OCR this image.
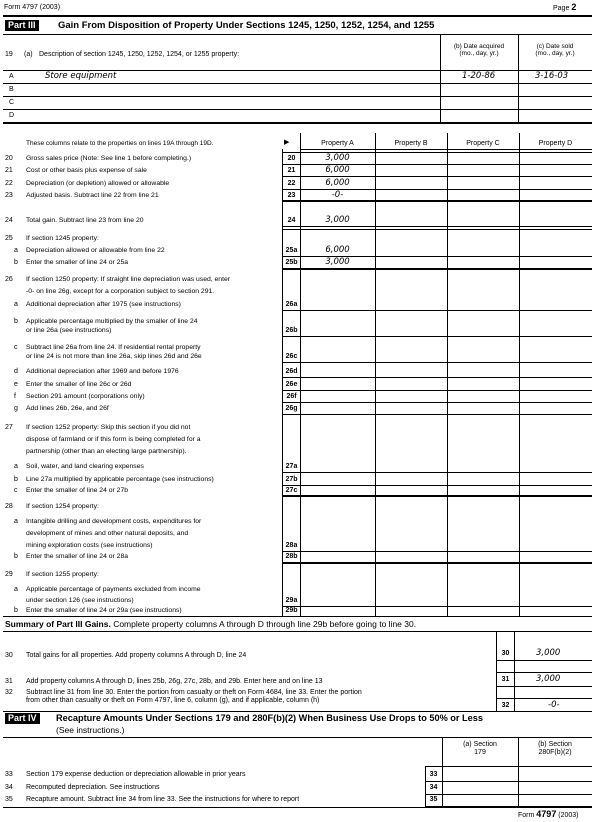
Form 4797 (2003)	Page 2
Part III	Gain From Disposition of Property Under Sections 1245, 1250, 1252, 1254, and 1255
19 (a) Description of section 1245, 1250, 1252, 1254, or 1255 property:
(b) Date acquired
(mo., day, yr.)
(c) Date sold
(mo., day, yr.)
A	Store equipment	1-20-86	3-16-03
B
C
D
These columns relate to the properties on lines 19A through 19D.	▶	Property A	Property B	Property C	Property D
20 Gross sales price (Note: See line 1 before completing.)	20	3,000
21 Cost or other basis plus expense of sale	21	6,000
22 Depreciation (or depletion) allowed or allowable	22	6,000
23 Adjusted basis. Subtract line 22 from line 21	23	-0-
24 Total gain. Subtract line 23 from line 20	24	3,000
25 If section 1245 property:
a Depreciation allowed or allowable from line 22	25a	6,000
b Enter the smaller of line 24 or 25a	25b	3,000
26 If section 1250 property: If straight line depreciation was used, enter
-0- on line 26g, except for a corporation subject to section 291.
a Additional depreciation after 1975 (see instructions)	26a
b Applicable percentage multiplied by the smaller of line 24
or line 26a (see instructions)	26b
c Subtract line 26a from line 24. If residential rental property
or line 24 is not more than line 26a, skip lines 26d and 26e	26c
d Additional depreciation after 1969 and before 1976	26d
e Enter the smaller of line 26c or 26d	26e
f Section 291 amount (corporations only)	26f
g Add lines 26b, 26e, and 26f	26g
27 If section 1252 property: Skip this section if you did not
dispose of farmland or if this form is being completed for a
partnership (other than an electing large partnership).
a Soil, water, and land clearing expenses	27a
b Line 27a multiplied by applicable percentage (see instructions)	27b
c Enter the smaller of line 24 or 27b	27c
28 If section 1254 property:
a Intangible drilling and development costs, expenditures for
development of mines and other natural deposits, and
mining exploration costs (see instructions)	28a
b Enter the smaller of line 24 or 28a	28b
29 If section 1255 property:
a Applicable percentage of payments excluded from income
under section 126 (see instructions)	29a
b Enter the smaller of line 24 or 29a (see instructions)	29b
Summary of Part III Gains. Complete property columns A through D through line 29b before going to line 30.
30 Total gains for all properties. Add property columns A through D, line 24	30	3,000
31 Add property columns A through D, lines 25b, 26g, 27c, 28b, and 29b. Enter here and on line 13	31	3,000
32 Subtract line 31 from line 30. Enter the portion from casualty or theft on Form 4684, line 33. Enter the portion
from other than casualty or theft on Form 4797, line 6, column (g), and if applicable, column (h)
32	-0-
Part IV	Recapture Amounts Under Sections 179 and 280F(b)(2) When Business Use Drops to 50% or Less
(See instructions.)
(a) Section
179
(b) Section
280F(b)(2)
33 Section 179 expense deduction or depreciation allowable in prior years	33
34 Recomputed depreciation. See instructions	34
35 Recapture amount. Subtract line 34 from line 33. See the instructions for where to report	35
Form 4797 (2003)
